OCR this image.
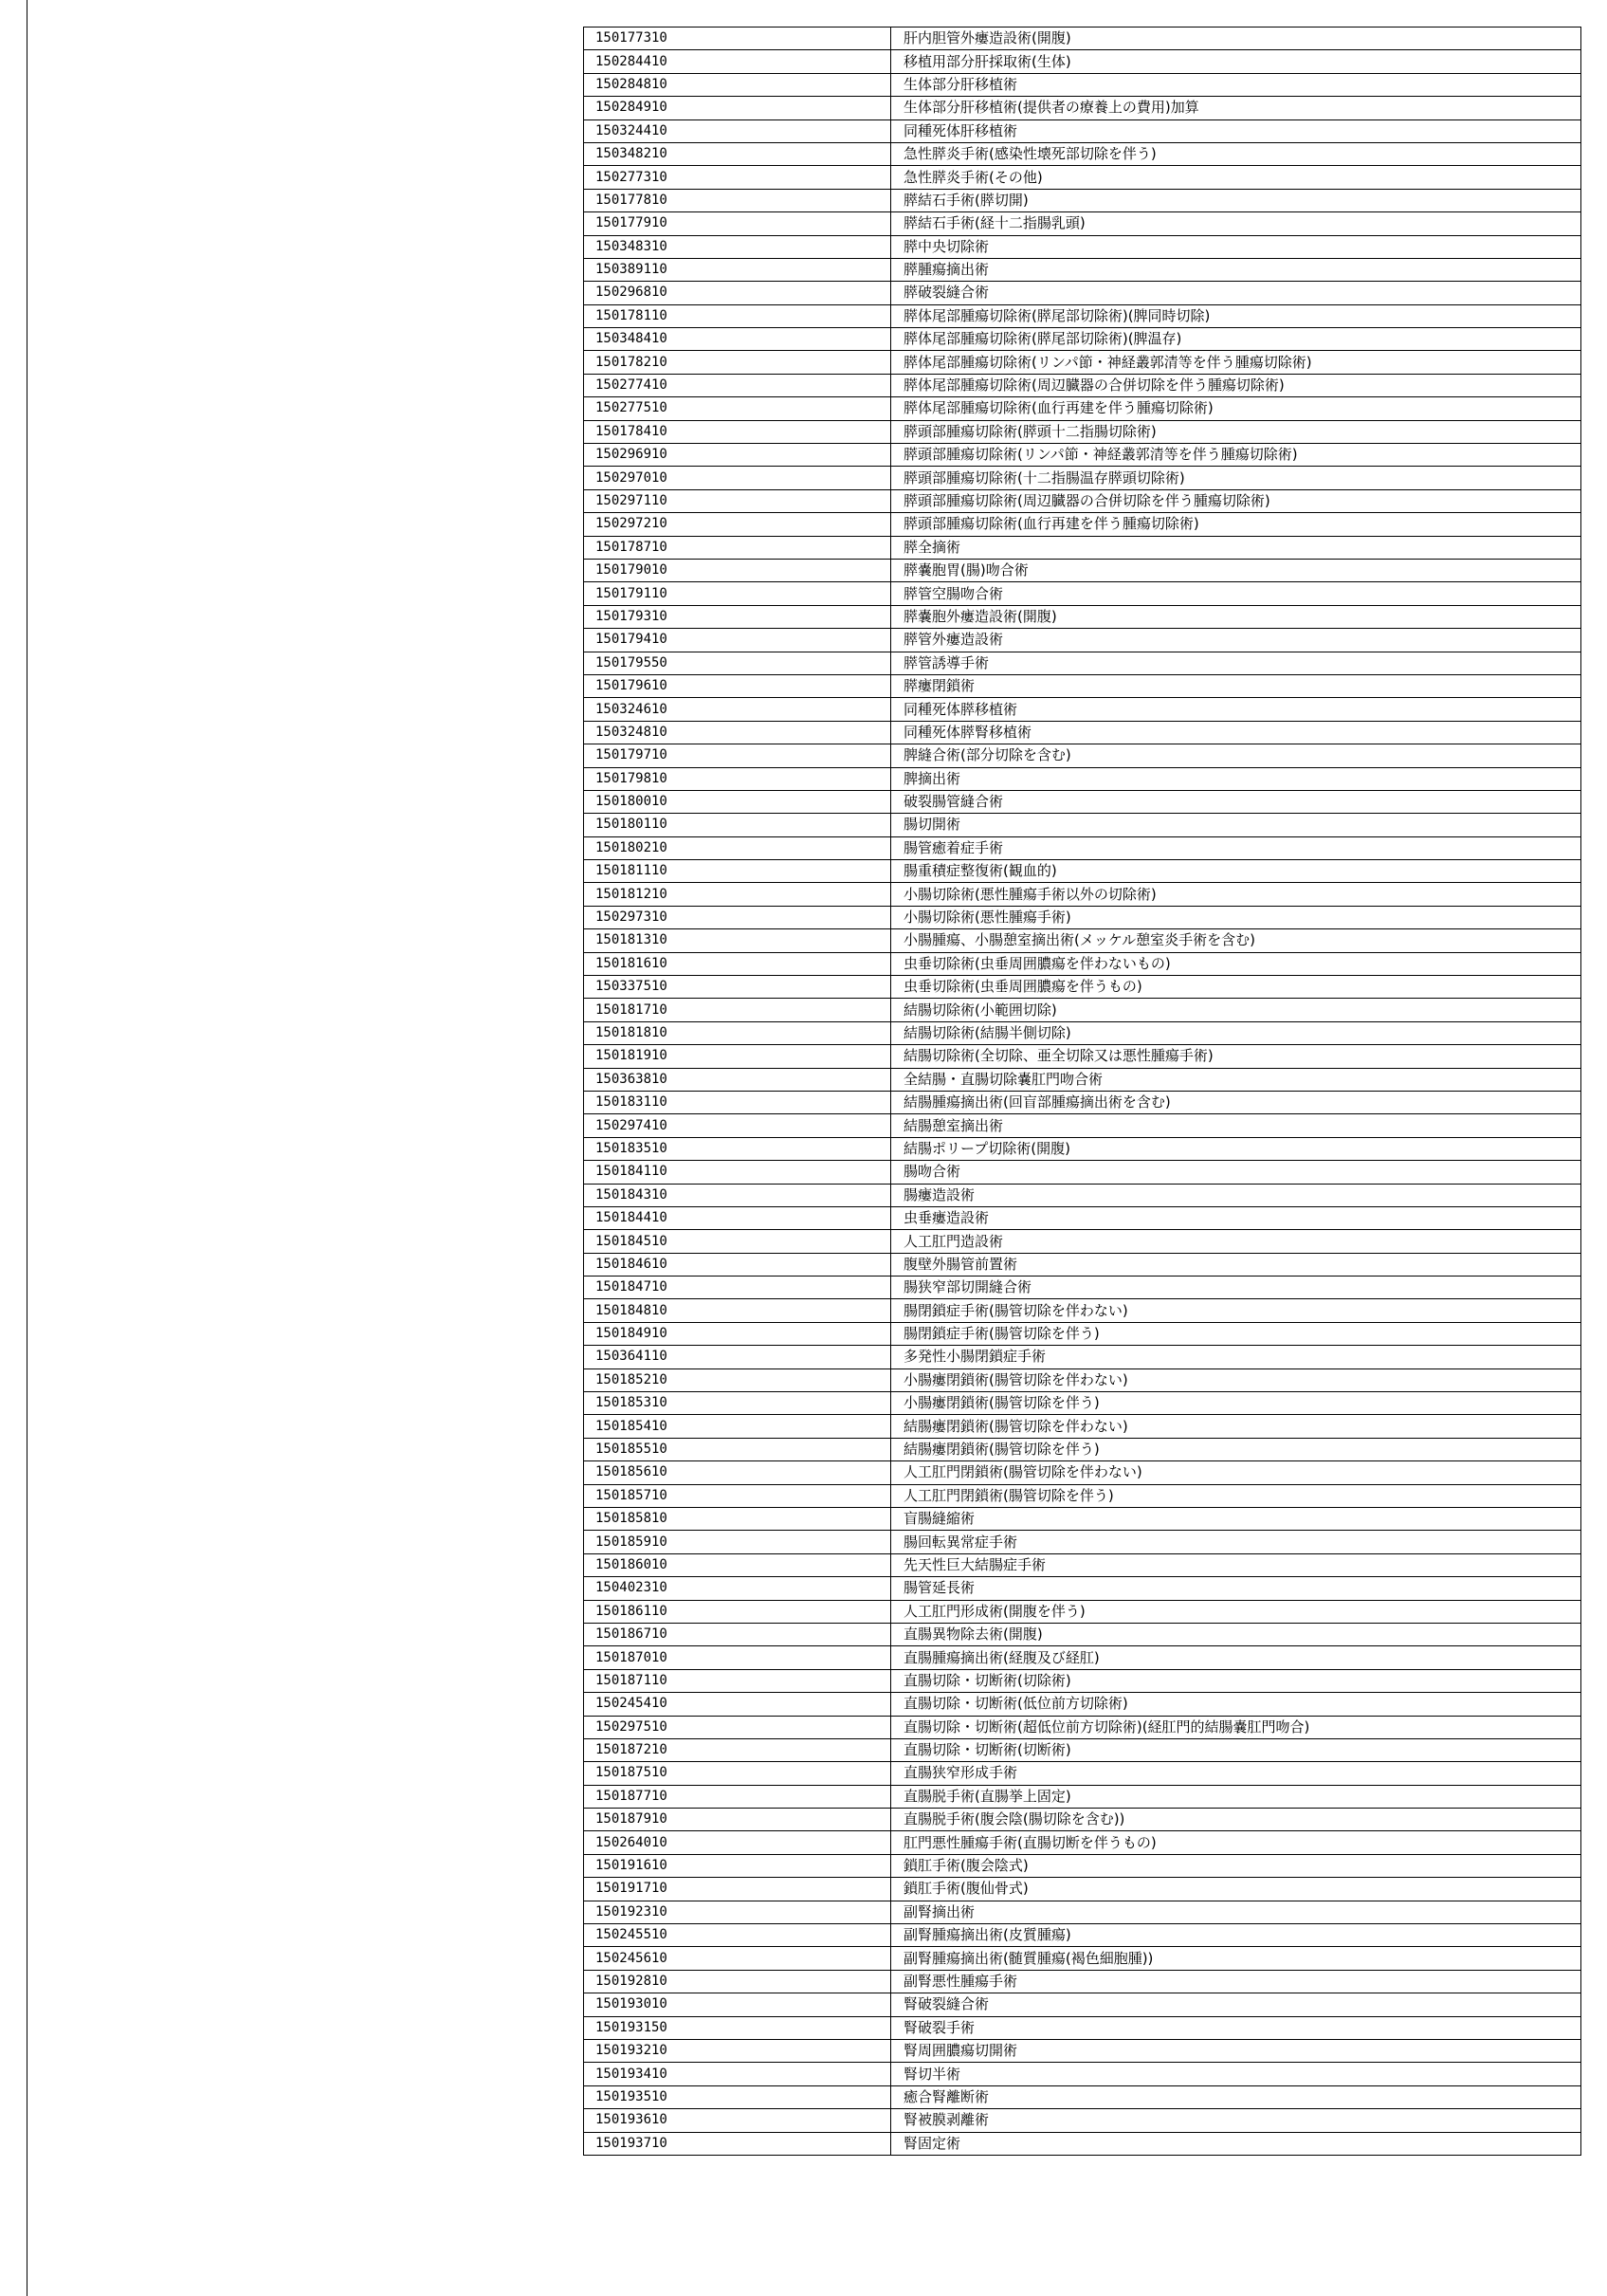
150177310	肝内胆管外瘻造設術(開腹)
150284410	移植用部分肝採取術(生体)
150284810	生体部分肝移植術
150284910	生体部分肝移植術(提供者の療養上の費用)加算
150324410	同種死体肝移植術
150348210	急性膵炎手術(感染性壊死部切除を伴う)
150277310	急性膵炎手術(その他)
150177810	膵結石手術(膵切開)
150177910	膵結石手術(経十二指腸乳頭)
150348310	膵中央切除術
150389110	膵腫瘍摘出術
150296810	膵破裂縫合術
150178110	膵体尾部腫瘍切除術(膵尾部切除術)(脾同時切除)
150348410	膵体尾部腫瘍切除術(膵尾部切除術)(脾温存)
150178210	膵体尾部腫瘍切除術(リンパ節・神経叢郭清等を伴う腫瘍切除術)
150277410	膵体尾部腫瘍切除術(周辺臓器の合併切除を伴う腫瘍切除術)
150277510	膵体尾部腫瘍切除術(血行再建を伴う腫瘍切除術)
150178410	膵頭部腫瘍切除術(膵頭十二指腸切除術)
150296910	膵頭部腫瘍切除術(リンパ節・神経叢郭清等を伴う腫瘍切除術)
150297010	膵頭部腫瘍切除術(十二指腸温存膵頭切除術)
150297110	膵頭部腫瘍切除術(周辺臓器の合併切除を伴う腫瘍切除術)
150297210	膵頭部腫瘍切除術(血行再建を伴う腫瘍切除術)
150178710	膵全摘術
150179010	膵嚢胞胃(腸)吻合術
150179110	膵管空腸吻合術
150179310	膵嚢胞外瘻造設術(開腹)
150179410	膵管外瘻造設術
150179550	膵管誘導手術
150179610	膵瘻閉鎖術
150324610	同種死体膵移植術
150324810	同種死体膵腎移植術
150179710	脾縫合術(部分切除を含む)
150179810	脾摘出術
150180010	破裂腸管縫合術
150180110	腸切開術
150180210	腸管癒着症手術
150181110	腸重積症整復術(観血的)
150181210	小腸切除術(悪性腫瘍手術以外の切除術)
150297310	小腸切除術(悪性腫瘍手術)
150181310	小腸腫瘍、小腸憩室摘出術(メッケル憩室炎手術を含む)
150181610	虫垂切除術(虫垂周囲膿瘍を伴わないもの)
150337510	虫垂切除術(虫垂周囲膿瘍を伴うもの)
150181710	結腸切除術(小範囲切除)
150181810	結腸切除術(結腸半側切除)
150181910	結腸切除術(全切除、亜全切除又は悪性腫瘍手術)
150363810	全結腸・直腸切除嚢肛門吻合術
150183110	結腸腫瘍摘出術(回盲部腫瘍摘出術を含む)
150297410	結腸憩室摘出術
150183510	結腸ポリープ切除術(開腹)
150184110	腸吻合術
150184310	腸瘻造設術
150184410	虫垂瘻造設術
150184510	人工肛門造設術
150184610	腹壁外腸管前置術
150184710	腸狭窄部切開縫合術
150184810	腸閉鎖症手術(腸管切除を伴わない)
150184910	腸閉鎖症手術(腸管切除を伴う)
150364110	多発性小腸閉鎖症手術
150185210	小腸瘻閉鎖術(腸管切除を伴わない)
150185310	小腸瘻閉鎖術(腸管切除を伴う)
150185410	結腸瘻閉鎖術(腸管切除を伴わない)
150185510	結腸瘻閉鎖術(腸管切除を伴う)
150185610	人工肛門閉鎖術(腸管切除を伴わない)
150185710	人工肛門閉鎖術(腸管切除を伴う)
150185810	盲腸縫縮術
150185910	腸回転異常症手術
150186010	先天性巨大結腸症手術
150402310	腸管延長術
150186110	人工肛門形成術(開腹を伴う)
150186710	直腸異物除去術(開腹)
150187010	直腸腫瘍摘出術(経腹及び経肛)
150187110	直腸切除・切断術(切除術)
150245410	直腸切除・切断術(低位前方切除術)
150297510	直腸切除・切断術(超低位前方切除術)(経肛門的結腸嚢肛門吻合)
150187210	直腸切除・切断術(切断術)
150187510	直腸狭窄形成手術
150187710	直腸脱手術(直腸挙上固定)
150187910	直腸脱手術(腹会陰(腸切除を含む))
150264010	肛門悪性腫瘍手術(直腸切断を伴うもの)
150191610	鎖肛手術(腹会陰式)
150191710	鎖肛手術(腹仙骨式)
150192310	副腎摘出術
150245510	副腎腫瘍摘出術(皮質腫瘍)
150245610	副腎腫瘍摘出術(髄質腫瘍(褐色細胞腫))
150192810	副腎悪性腫瘍手術
150193010	腎破裂縫合術
150193150	腎破裂手術
150193210	腎周囲膿瘍切開術
150193410	腎切半術
150193510	癒合腎離断術
150193610	腎被膜剥離術
150193710	腎固定術
